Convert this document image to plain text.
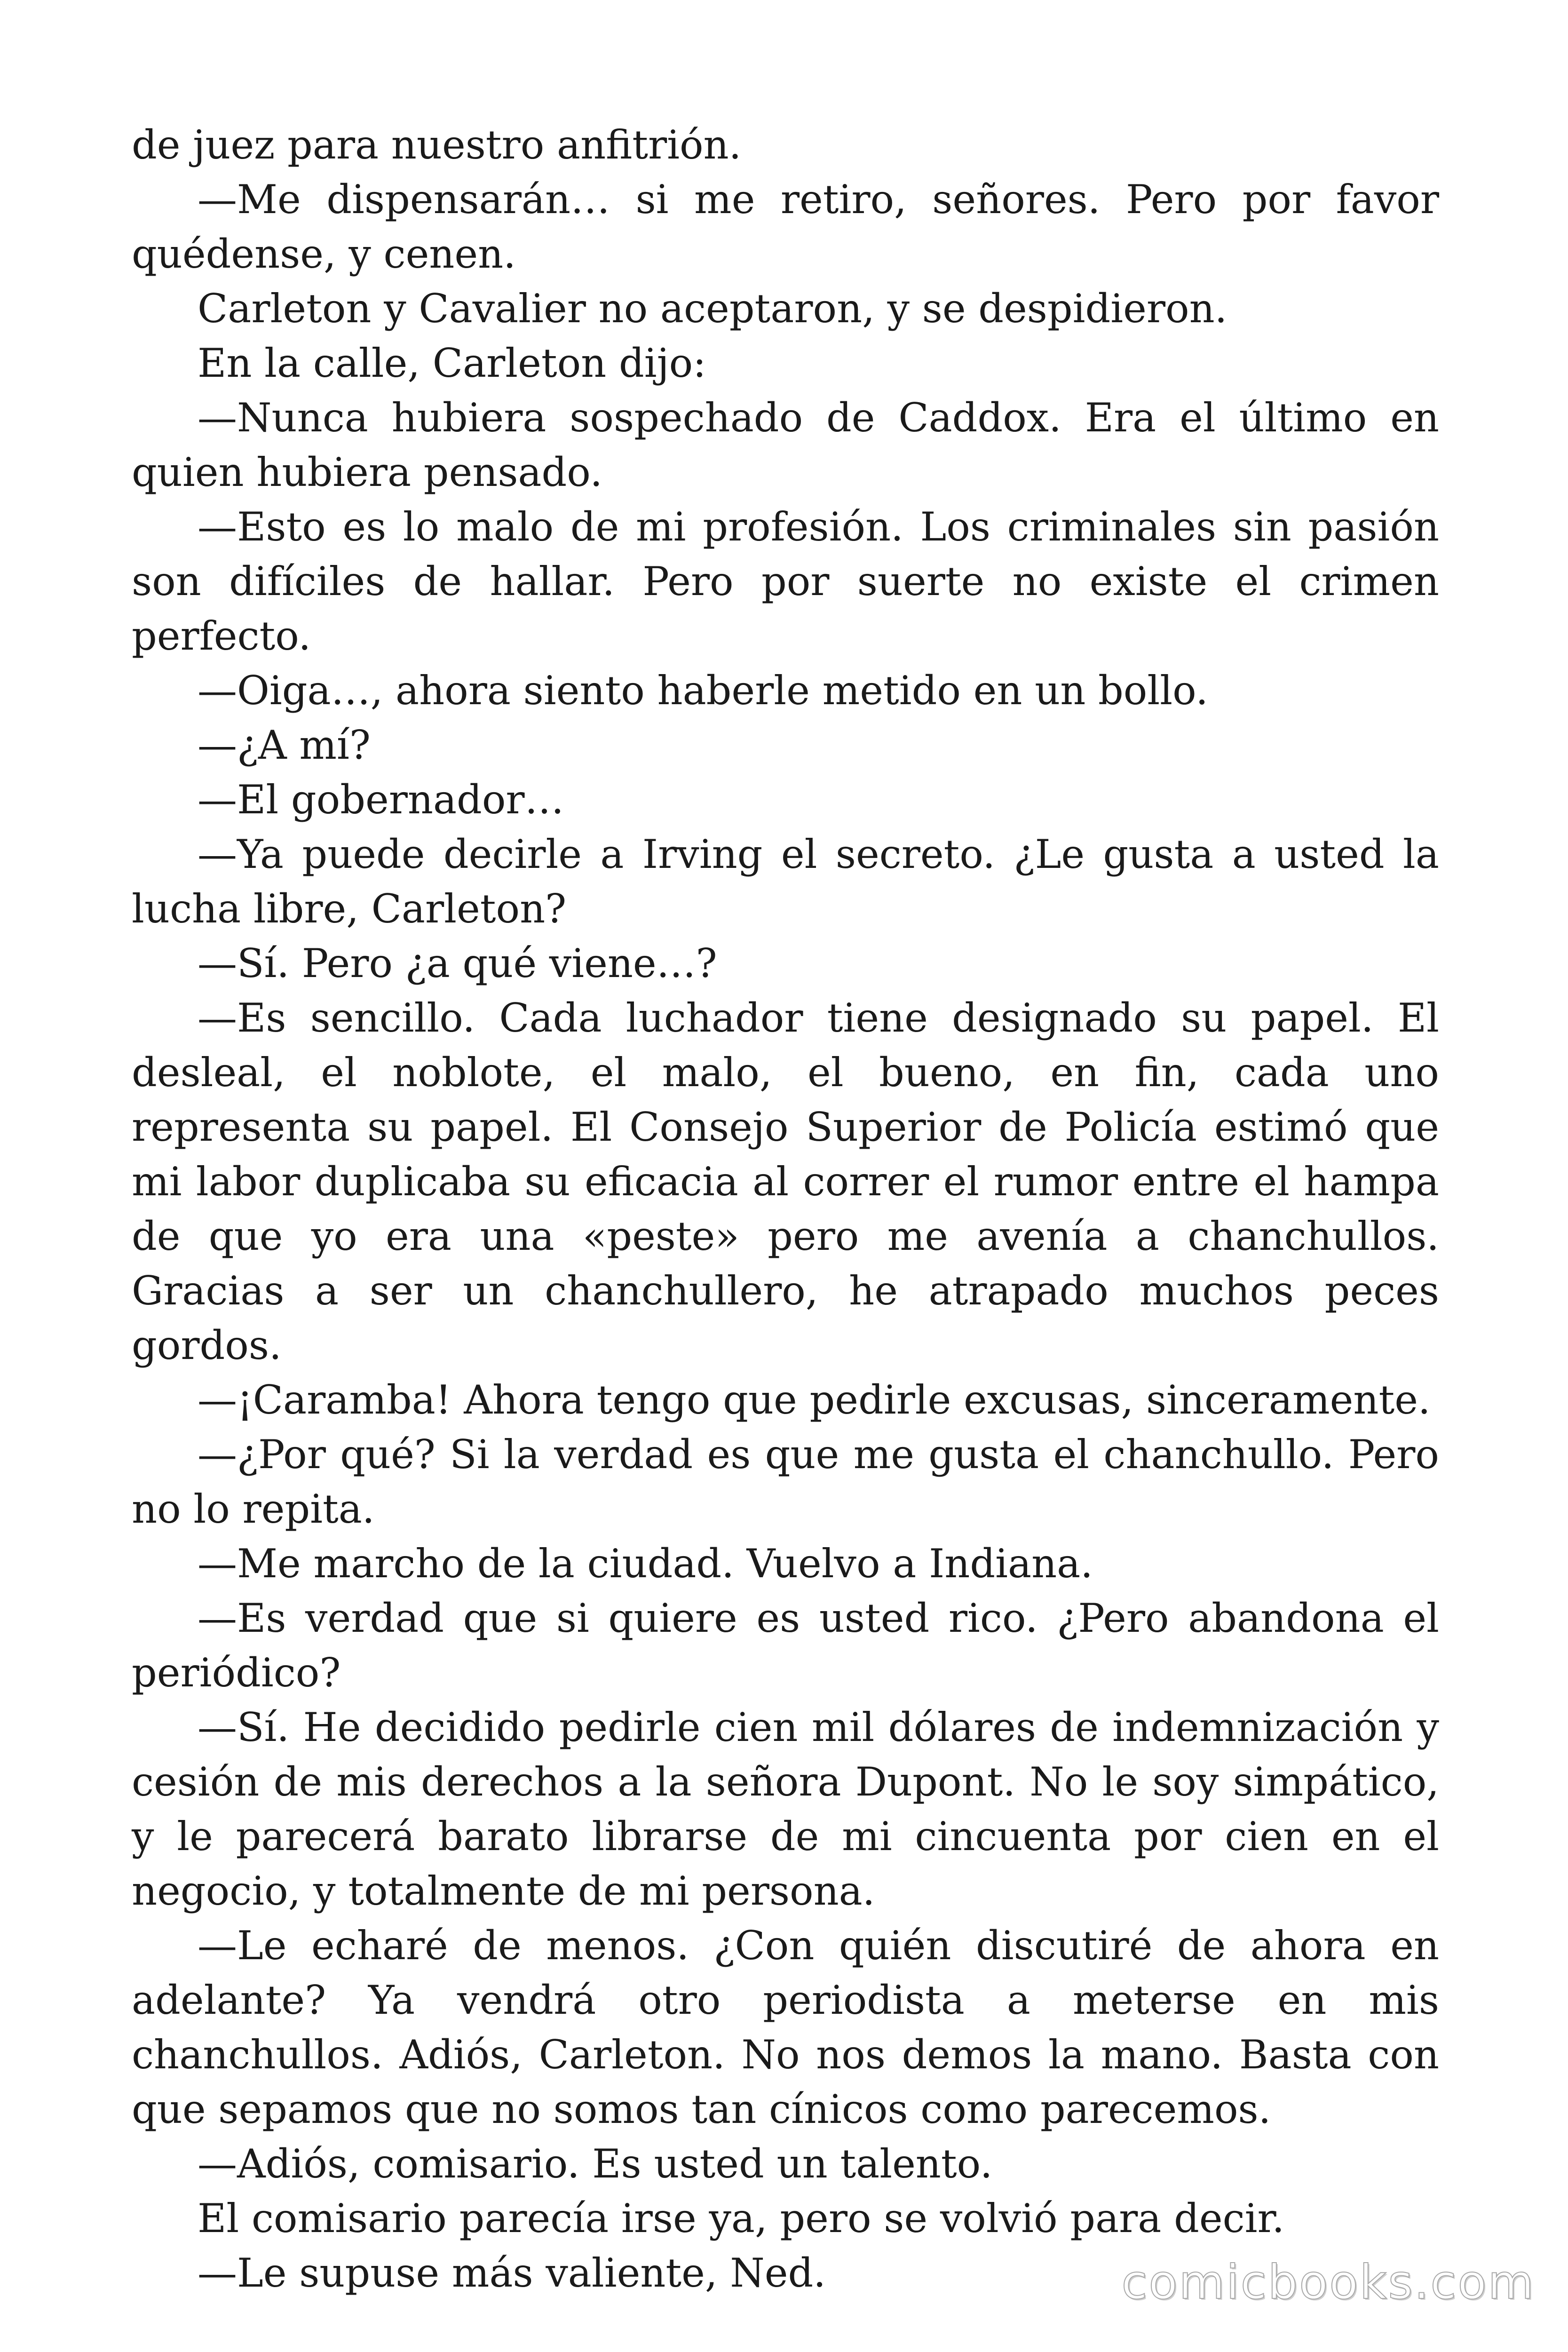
de juez para nuestro anfitrión.

—Me dispensarán… si me retiro, señores. Pero por favor quédense, y cenen.

Carleton y Cavalier no aceptaron, y se despidieron.

En la calle, Carleton dijo:

—Nunca hubiera sospechado de Caddox. Era el último en quien hubiera pensado.

—Esto es lo malo de mi profesión. Los criminales sin pasión son difíciles de hallar. Pero por suerte no existe el crimen perfecto.

—Oiga…, ahora siento haberle metido en un bollo.

—¿A mí?

—El gobernador…

—Ya puede decirle a Irving el secreto. ¿Le gusta a usted la lucha libre, Carleton?

—Sí. Pero ¿a qué viene…?

—Es sencillo. Cada luchador tiene designado su papel. El desleal, el noblote, el malo, el bueno, en fin, cada uno representa su papel. El Consejo Superior de Policía estimó que mi labor duplicaba su eficacia al correr el rumor entre el hampa de que yo era una «peste» pero me avenía a chanchullos. Gracias a ser un chanchullero, he atrapado muchos peces gordos.

—¡Caramba! Ahora tengo que pedirle excusas, sinceramente.

—¿Por qué? Si la verdad es que me gusta el chanchullo. Pero no lo repita.

—Me marcho de la ciudad. Vuelvo a Indiana.

—Es verdad que si quiere es usted rico. ¿Pero abandona el periódico?

—Sí. He decidido pedirle cien mil dólares de indemnización y cesión de mis derechos a la señora Dupont. No le soy simpático, y le parecerá barato librarse de mi cincuenta por cien en el negocio, y totalmente de mi persona.

—Le echaré de menos. ¿Con quién discutiré de ahora en adelante? Ya vendrá otro periodista a meterse en mis chanchullos. Adiós, Carleton. No nos demos la mano. Basta con que sepamos que no somos tan cínicos como parecemos.

—Adiós, comisario. Es usted un talento.

El comisario parecía irse ya, pero se volvió para decir.

—Le supuse más valiente, Ned.	comicbooks.com
